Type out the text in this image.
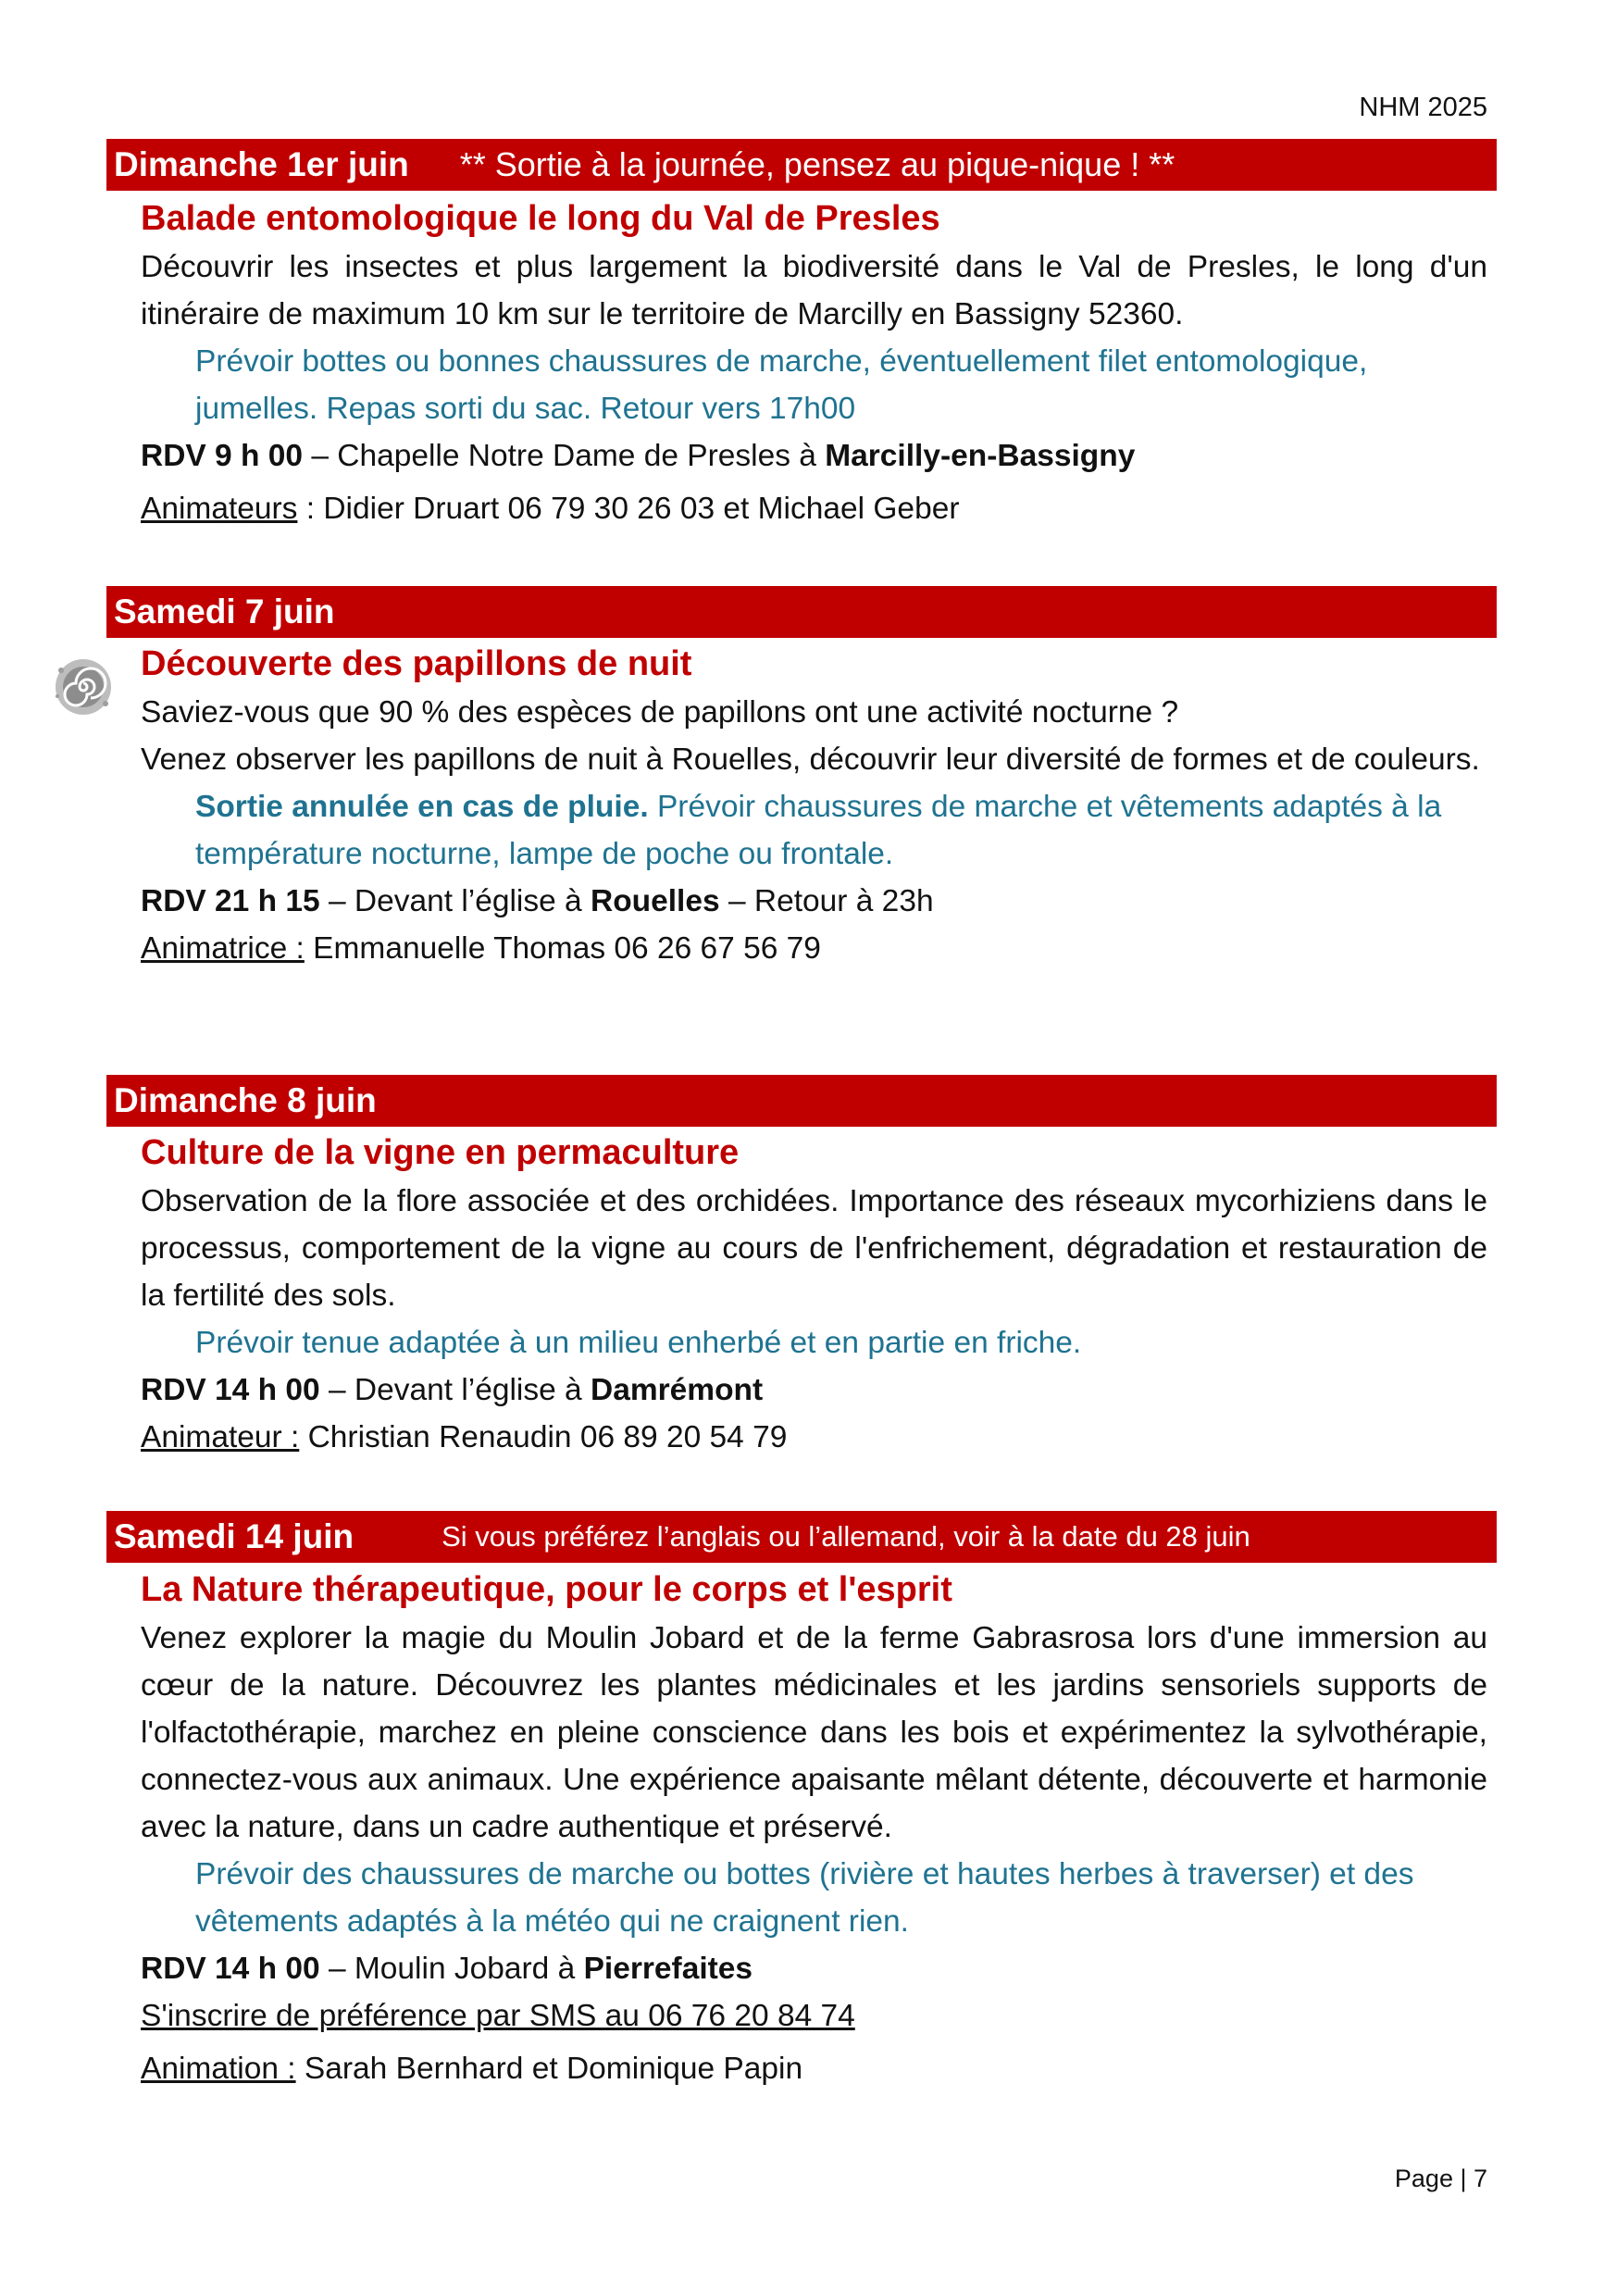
NHM 2025
Dimanche 1er juin ** Sortie à la journée, pensez au pique-nique ! **
Balade entomologique le long du Val de Presles
Découvrir les insectes et plus largement la biodiversité dans le Val de Presles, le long d'un itinéraire de maximum 10 km sur le territoire de Marcilly en Bassigny 52360.
Prévoir bottes ou bonnes chaussures de marche, éventuellement filet entomologique, jumelles. Repas sorti du sac. Retour vers 17h00
RDV 9 h 00 – Chapelle Notre Dame de Presles à Marcilly-en-Bassigny
Animateurs : Didier Druart 06 79 30 26 03 et Michael Geber
Samedi 7 juin
Découverte des papillons de nuit
Saviez-vous que 90 % des espèces de papillons ont une activité nocturne ?
Venez observer les papillons de nuit à Rouelles, découvrir leur diversité de formes et de couleurs.
Sortie annulée en cas de pluie. Prévoir chaussures de marche et vêtements adaptés à la température nocturne, lampe de poche ou frontale.
RDV 21 h 15 – Devant l’église à Rouelles – Retour à 23h
Animatrice : Emmanuelle Thomas 06 26 67 56 79
Dimanche 8 juin
Culture de la vigne en permaculture
Observation de la flore associée et des orchidées. Importance des réseaux mycorhiziens dans le processus, comportement de la vigne au cours de l'enfrichement, dégradation et restauration de la fertilité des sols.
Prévoir tenue adaptée à un milieu enherbé et en partie en friche.
RDV 14 h 00 – Devant l’église à Damrémont
Animateur : Christian Renaudin 06 89 20 54 79
Samedi 14 juin	Si vous préférez l’anglais ou l’allemand, voir à la date du 28 juin
La Nature thérapeutique, pour le corps et l'esprit
Venez explorer la magie du Moulin Jobard et de la ferme Gabrasrosa lors d'une immersion au cœur de la nature. Découvrez les plantes médicinales et les jardins sensoriels supports de l'olfactothérapie, marchez en pleine conscience dans les bois et expérimentez la sylvothérapie, connectez-vous aux animaux. Une expérience apaisante mêlant détente, découverte et harmonie avec la nature, dans un cadre authentique et préservé.
Prévoir des chaussures de marche ou bottes (rivière et hautes herbes à traverser) et des vêtements adaptés à la météo qui ne craignent rien.
RDV 14 h 00 – Moulin Jobard à Pierrefaites
S'inscrire de préférence par SMS au 06 76 20 84 74
Animation : Sarah Bernhard et Dominique Papin
Page | 7
